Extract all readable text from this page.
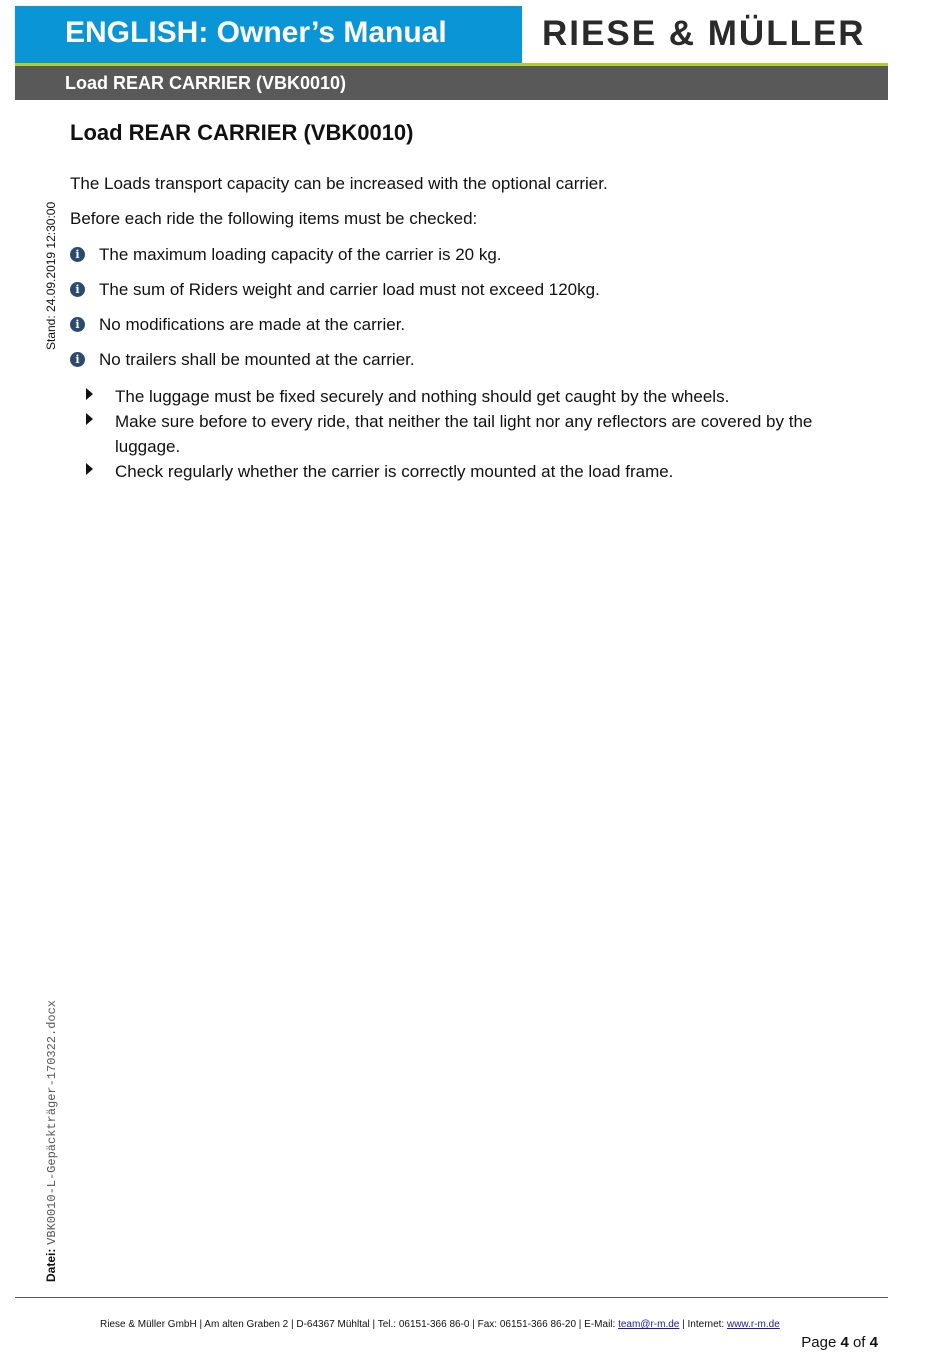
ENGLISH: Owner’s Manual	RIESE & MÜLLER
Load REAR CARRIER (VBK0010)
Stand: 24.09.2019 12:30:00
Datei: VBK0010-L-Gepäckträger-170322.docx
Load REAR CARRIER (VBK0010)

The Loads transport capacity can be increased with the optional carrier.

Before each ride the following items must be checked:

i	The maximum loading capacity of the carrier is 20 kg.
i	The sum of Riders weight and carrier load must not exceed 120kg.
i	No modifications are made at the carrier.
i	No trailers shall be mounted at the carrier.
The luggage must be fixed securely and nothing should get caught by the wheels.
Make sure before to every ride, that neither the tail light nor any reflectors are covered by the luggage.
Check regularly whether the carrier is correctly mounted at the load frame.
Riese & Müller GmbH | Am alten Graben 2 | D-64367 Mühltal | Tel.: 06151-366 86-0 | Fax: 06151-366 86-20 | E-Mail: team@r-m.de | Internet: www.r-m.de
Page 4 of 4
